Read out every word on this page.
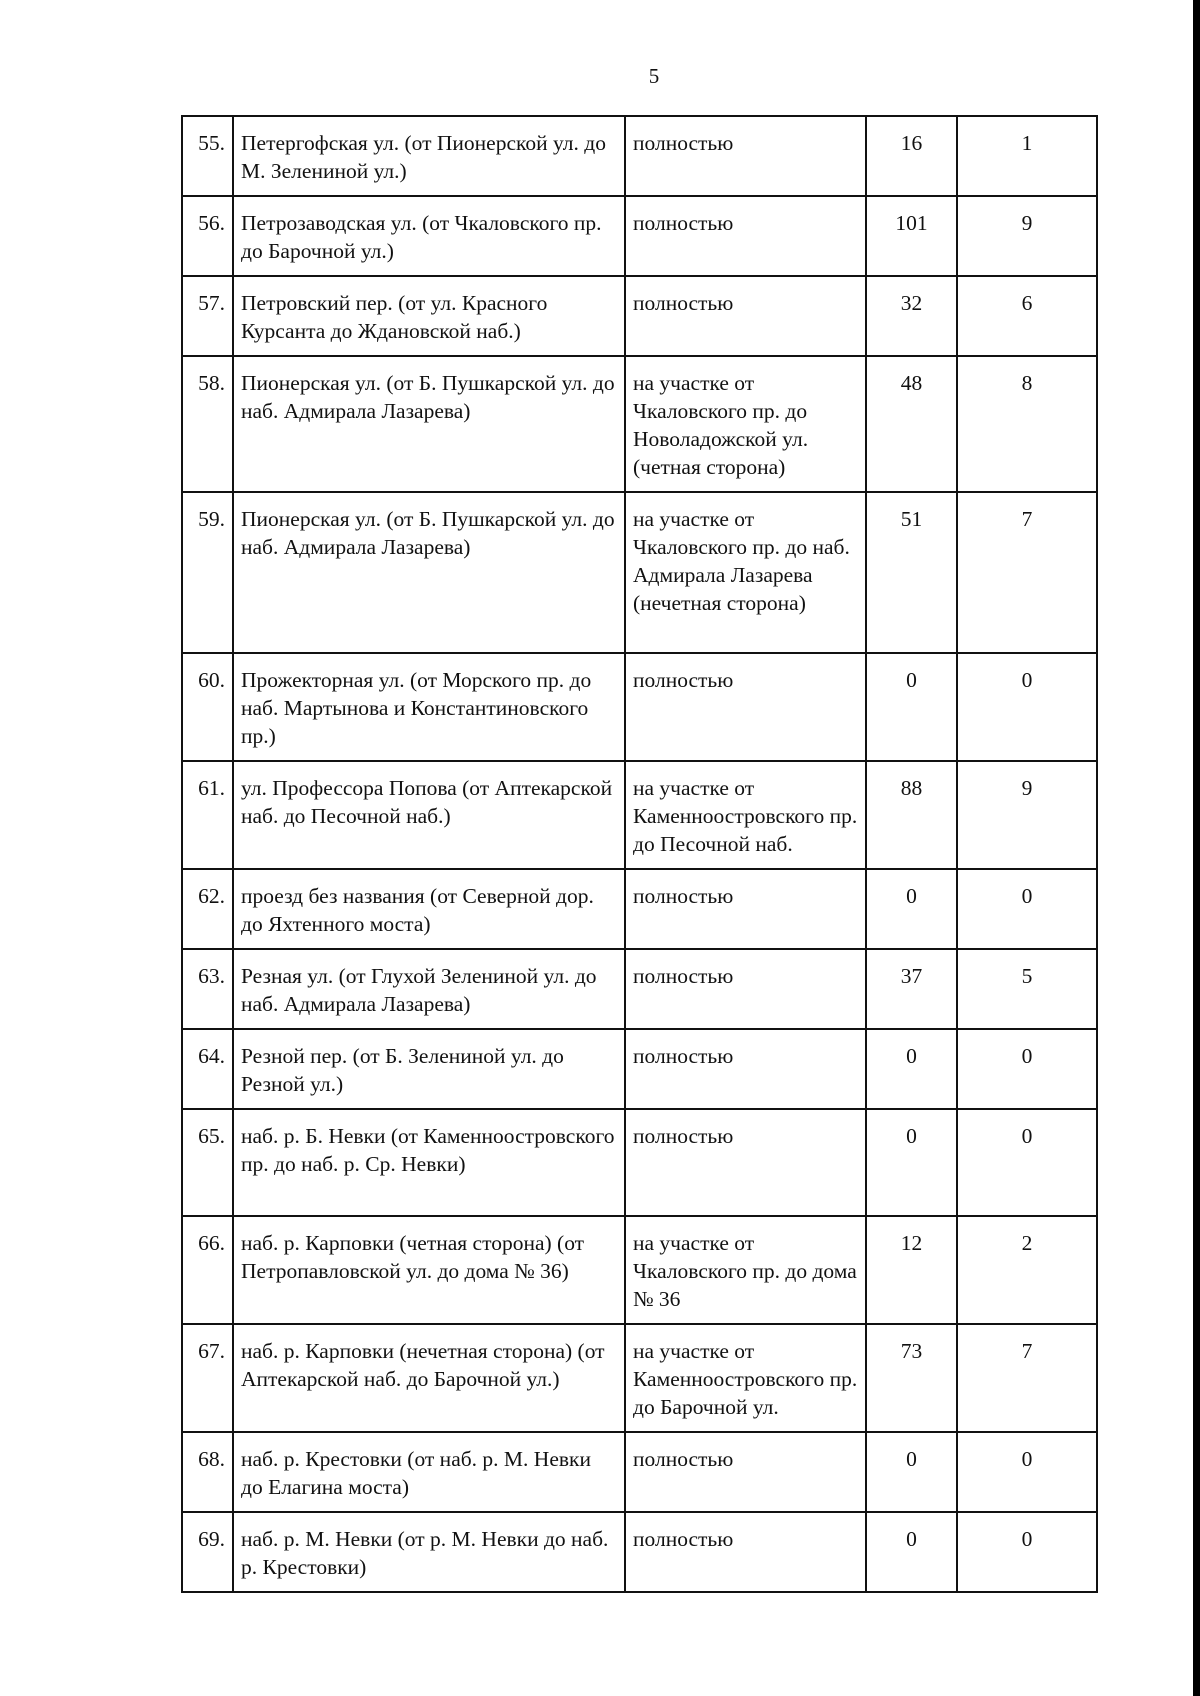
5
55.	Петергофская ул. (от Пионерской ул. до М. Зелениной ул.)	полностью	16	1
56.	Петрозаводская ул. (от Чкаловского пр. до Барочной ул.)	полностью	101	9
57.	Петровский пер. (от ул. Красного Курсанта до Ждановской наб.)	полностью	32	6
58.	Пионерская ул. (от Б. Пушкарской ул. до наб. Адмирала Лазарева)	на участке от Чкаловского пр. до Новоладожской ул. (четная сторона)	48	8
59.	Пионерская ул. (от Б. Пушкарской ул. до наб. Адмирала Лазарева)	на участке от Чкаловского пр. до наб. Адмирала Лазарева (нечетная сторона)	51	7
60.	Прожекторная ул. (от Морского пр. до наб. Мартынова и Константиновского пр.)	полностью	0	0
61.	ул. Профессора Попова (от Аптекарской наб. до Песочной наб.)	на участке от Каменноостровского пр. до Песочной наб.	88	9
62.	проезд без названия (от Северной дор. до Яхтенного моста)	полностью	0	0
63.	Резная ул. (от Глухой Зелениной ул. до наб. Адмирала Лазарева)	полностью	37	5
64.	Резной пер. (от Б. Зелениной ул. до Резной ул.)	полностью	0	0
65.	наб. р. Б. Невки (от Каменноостровского пр. до наб. р. Ср. Невки)	полностью	0	0
66.	наб. р. Карповки (четная сторона) (от Петропавловской ул. до дома № 36)	на участке от Чкаловского пр. до дома № 36	12	2
67.	наб. р. Карповки (нечетная сторона) (от Аптекарской наб. до Барочной ул.)	на участке от Каменноостровского пр. до Барочной ул.	73	7
68.	наб. р. Крестовки (от наб. р. М. Невки до Елагина моста)	полностью	0	0
69.	наб. р. М. Невки (от р. М. Невки до наб. р. Крестовки)	полностью	0	0
